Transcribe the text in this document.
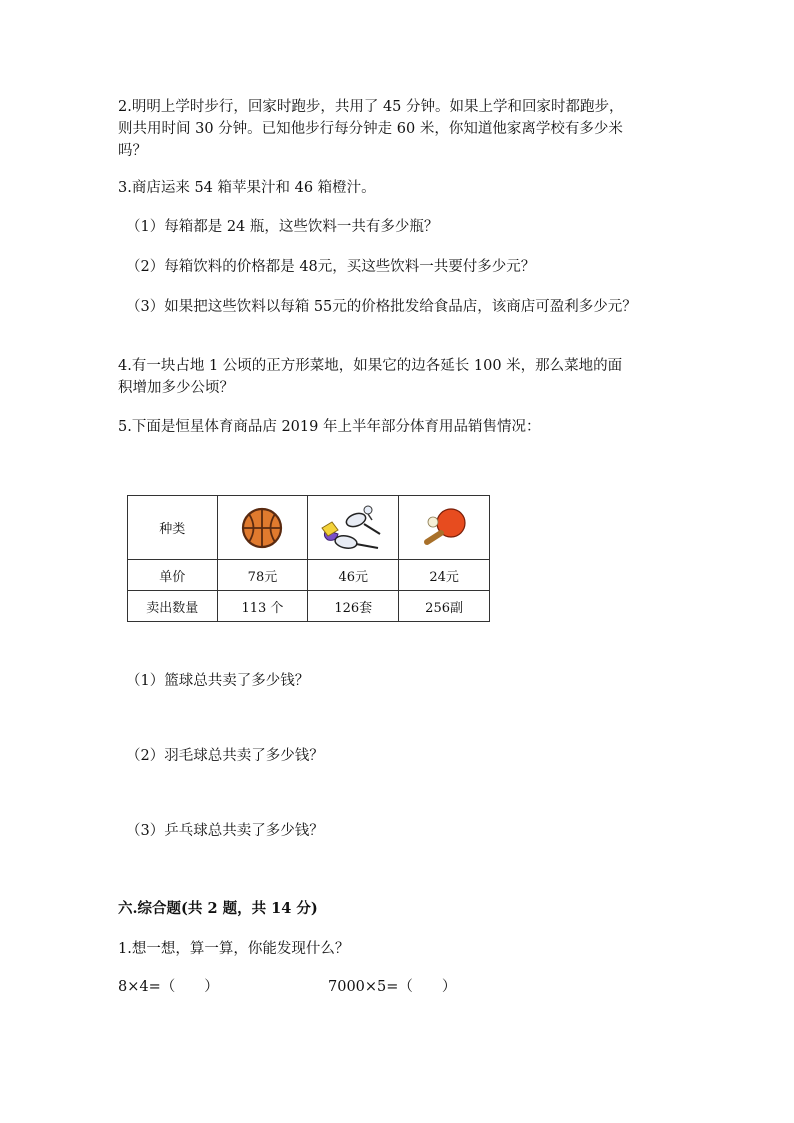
2.明明上学时步行，回家时跑步，共用了 45 分钟。如果上学和回家时都跑步，

则共用时间 30 分钟。已知他步行每分钟走 60 米，你知道他家离学校有多少米

吗？

3.商店运来 54 箱苹果汁和 46 箱橙汁。

（1）每箱都是 24 瓶，这些饮料一共有多少瓶？

（2）每箱饮料的价格都是 48元，买这些饮料一共要付多少元？

（3）如果把这些饮料以每箱 55元的价格批发给食品店，该商店可盈利多少元？

4.有一块占地 1 公顷的正方形菜地，如果它的边各延长 100 米，那么菜地的面

积增加多少公顷？

5.下面是恒星体育商品店 2019 年上半年部分体育用品销售情况：

种类	

单价	78元	46元	24元
卖出数量	113 个	126套	256副

（1）篮球总共卖了多少钱？

（2）羽毛球总共卖了多少钱？

（3）乒乓球总共卖了多少钱？

六.综合题(共 2 题，共 14 分)

1.想一想，算一算，你能发现什么？

8×4=（　　）	7000×5=（　　）
